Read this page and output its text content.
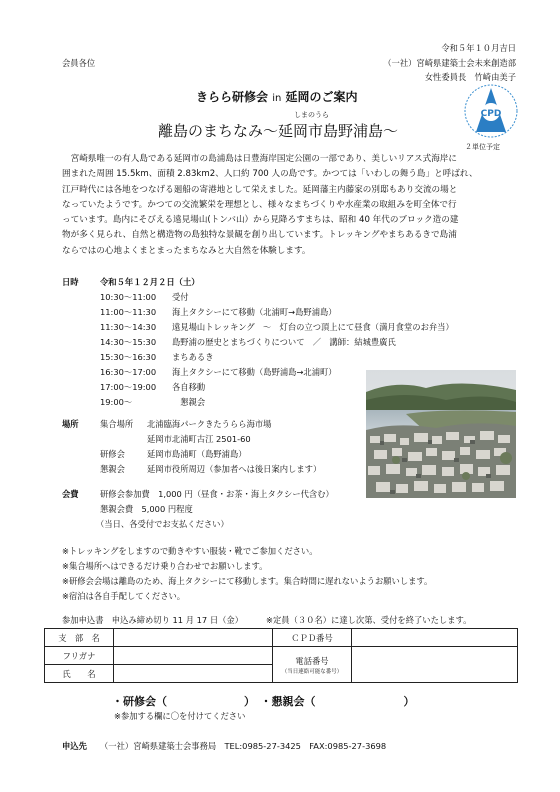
令和５年１０月吉日
会員各位	（一社）宮崎県建築士会未来創造部
女性委員長　竹崎由美子
きらら研修会 in 延岡のご案内
しまのうら
離島のまちなみ～延岡市島野浦島～
CPD
２単位予定
　宮崎県唯一の有人島である延岡市の島浦島は日豊海岸国定公園の一部であり、美しいリアス式海岸に
囲まれた周囲 15.5km、面積 2.83km2、人口約 700 人の島です。かつては「いわしの舞う島」と呼ばれ、
江戸時代には各地をつなげる廻船の寄港地として栄えました。延岡藩主内藤家の別邸もあり交流の場と
なっていたようです。かつての交流繁栄を理想とし、様々なまちづくりや水産業の取組みを町全体で行
っています。島内にそびえる遠見場山(トンバ山）から見降ろすまちは、昭和 40 年代のブロック造の建
物が多く見られ、自然と構造物の島独特な景観を創り出しています。トレッキングやまちあるきで島浦
ならではの心地よくまとまったまちなみと大自然を体験します。
日時	令和５年１２月２日（土）
10:30～11:00 受付
11:00～11:30 海上タクシーにて移動（北浦町→島野浦島）
11:30～14:30 遠見場山トレッキング　～　灯台の立つ頂上にて昼食（満月食堂のお弁当）
14:30～15:30 島野浦の歴史とまちづくりについて　／　講師：結城豊廣氏
15:30～16:30 まちあるき
16:30～17:00 海上タクシーにて移動（島野浦島→北浦町）
17:00～19:00 各自移動
19:00～	　懇親会
場所	集合場所 北浦臨海パークきたうらら海市場
延岡市北浦町古江 2501-60
研修会	延岡市島浦町（島野浦島）
懇親会	延岡市役所周辺（参加者へは後日案内します）
会費	研修会参加費　1,000 円（昼食・お茶・海上タクシー代含む）
懇親会費　5,000 円程度
（当日、各受付でお支払ください）
※トレッキングをしますので動きやすい服装・靴でご参加ください。
※集合場所へはできるだけ乗り合わせでお願いします。
※研修会会場は離島のため、海上タクシーにて移動します。集合時間に遅れないようお願いします。
※宿泊は各自手配してください。
参加申込書　申込み締め切り 11 月 17 日（金）	※定員（３０名）に達し次第、受付を終了いたします。
支　部　名		ＣＰＤ番号	
フリガナ		電話番号
（当日連絡可能な番号）	

氏　　名			
・研修会（　　　　　　　）　・懇親会（　　　　　　　　）
※参加する欄に〇を付けてください
申込先 （一社）宮崎県建築士会事務局　TEL:0985-27-3425　FAX:0985-27-3698
